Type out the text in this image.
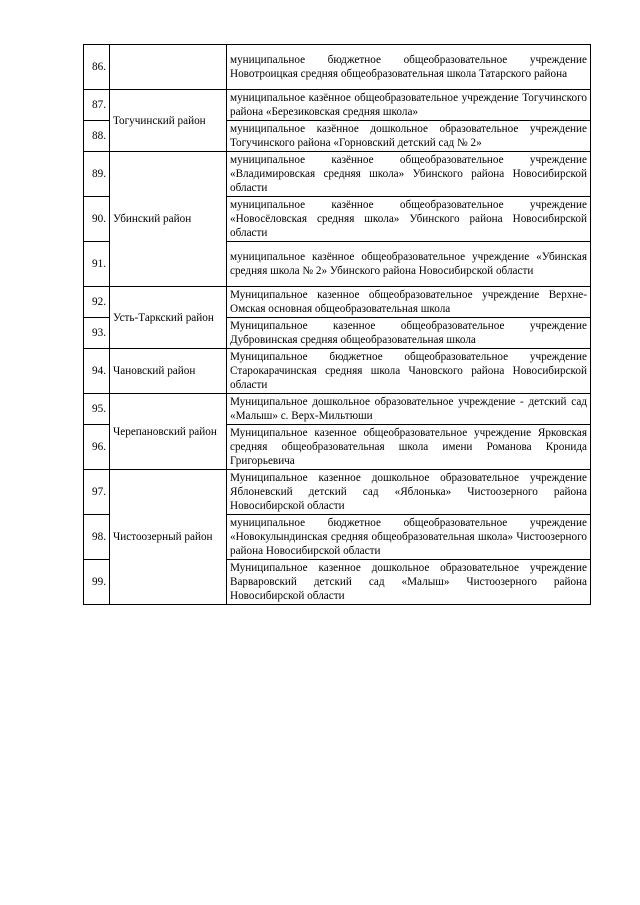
86.		муниципальное бюджетное общеобразовательное учреждение Новотроицкая средняя общеобразовательная школа Татарского района
87.	Тогучинский район	муниципальное казённое общеобразовательное учреждение Тогучинского района «Березиковская средняя школа»
88.		муниципальное казённое дошкольное образовательное учреждение Тогучинского района «Горновский детский сад № 2»
89.	Убинский район	муниципальное казённое общеобразовательное учреждение «Владимировская средняя школа» Убинского района Новосибирской области
90.		муниципальное казённое общеобразовательное учреждение «Новосёловская средняя школа» Убинского района Новосибирской области
91.		муниципальное казённое общеобразовательное учреждение «Убинская средняя школа № 2» Убинского района Новосибирской области
92.	Усть-Таркский район	Муниципальное казенное общеобразовательное учреждение Верхне-Омская основная общеобразовательная школа
93.		Муниципальное казенное общеобразовательное учреждение Дубровинская средняя общеобразовательная школа
94.	Чановский район	Муниципальное бюджетное общеобразовательное учреждение Старокарачинская средняя школа Чановского района Новосибирской области
95.	Черепановский район	Муниципальное дошкольное образовательное учреждение - детский сад «Малыш» с. Верх-Мильтюши
96.		Муниципальное казенное общеобразовательное учреждение Ярковская средняя общеобразовательная школа имени Романова Кронида Григорьевича
97.	Чистоозерный район	Муниципальное казенное дошкольное образовательное учреждение Яблоневский детский сад «Яблонька» Чистоозерного района Новосибирской области
98.		муниципальное бюджетное общеобразовательное учреждение «Новокулындинская средняя общеобразовательная школа» Чистоозерного района Новосибирской области
99.		Муниципальное казенное дошкольное образовательное учреждение Варваровский детский сад «Малыш» Чистоозерного района Новосибирской области
